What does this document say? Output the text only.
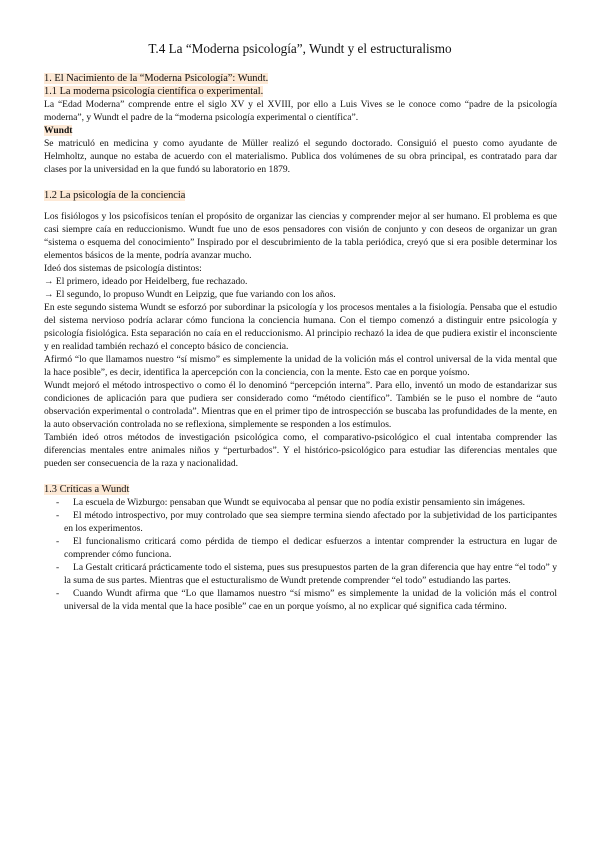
T.4 La “Moderna psicología”, Wundt y el estructuralismo

1. El Nacimiento de la “Moderna Psicología”: Wundt.

1.1 La moderna psicología científica o experimental.

La “Edad Moderna” comprende entre el siglo XV y el XVIII, por ello a Luis Vives se le conoce como “padre de la psicología moderna”, y Wundt el padre de la “moderna psicología experimental o científica”.

Wundt

Se matriculó en medicina y como ayudante de Müller realizó el segundo doctorado. Consiguió el puesto como ayudante de Helmholtz, aunque no estaba de acuerdo con el materialismo. Publica dos volúmenes de su obra principal, es contratado para dar clases por la universidad en la que fundó su laboratorio en 1879.

1.2 La psicología de la conciencia

Los fisiólogos y los psicofísicos tenían el propósito de organizar las ciencias y comprender mejor al ser humano. El problema es que casi siempre caía en reduccionismo. Wundt fue uno de esos pensadores con visión de conjunto y con deseos de organizar un gran “sistema o esquema del conocimiento” Inspirado por el descubrimiento de la tabla periódica, creyó que si era posible determinar los elementos básicos de la mente, podría avanzar mucho.

Ideó dos sistemas de psicología distintos:

→ El primero, ideado por Heidelberg, fue rechazado.

→ El segundo, lo propuso Wundt en Leipzig, que fue variando con los años.

En este segundo sistema Wundt se esforzó por subordinar la psicología y los procesos mentales a la fisiología. Pensaba que el estudio del sistema nervioso podría aclarar cómo funciona la conciencia humana. Con el tiempo comenzó a distinguir entre psicología y psicología fisiológica. Esta separación no caía en el reduccionismo. Al principio rechazó la idea de que pudiera existir el inconsciente y en realidad también rechazó el concepto básico de conciencia.

Afirmó “lo que llamamos nuestro “sí mismo” es simplemente la unidad de la volición más el control universal de la vida mental que la hace posible”, es decir, identifica la apercepción con la conciencia, con la mente. Esto cae en porque yoísmo.

Wundt mejoró el método introspectivo o como él lo denominó “percepción interna”. Para ello, inventó un modo de estandarizar sus condiciones de aplicación para que pudiera ser considerado como “método científico”. También se le puso el nombre de “auto observación experimental o controlada”. Mientras que en el primer tipo de introspección se buscaba las profundidades de la mente, en la auto observación controlada no se reflexiona, simplemente se responden a los estímulos.

También ideó otros métodos de investigación psicológica como, el comparativo-psicológico el cual intentaba comprender las diferencias mentales entre animales niños y “perturbados”. Y el histórico-psicológico para estudiar las diferencias mentales que pueden ser consecuencia de la raza y nacionalidad.

1.3 Críticas a Wundt

- La escuela de Wizburgo: pensaban que Wundt se equivocaba al pensar que no podía existir pensamiento sin imágenes.

- El método introspectivo, por muy controlado que sea siempre termina siendo afectado por la subjetividad de los participantes en los experimentos.

- El funcionalismo criticará como pérdida de tiempo el dedicar esfuerzos a intentar comprender la estructura en lugar de comprender cómo funciona.

- La Gestalt criticará prácticamente todo el sistema, pues sus presupuestos parten de la gran diferencia que hay entre “el todo” y la suma de sus partes. Mientras que el estucturalismo de Wundt pretende comprender “el todo” estudiando las partes.

- Cuando Wundt afirma que “Lo que llamamos nuestro “sí mismo” es simplemente la unidad de la volición más el control universal de la vida mental que la hace posible” cae en un porque yoísmo, al no explicar qué significa cada término.
